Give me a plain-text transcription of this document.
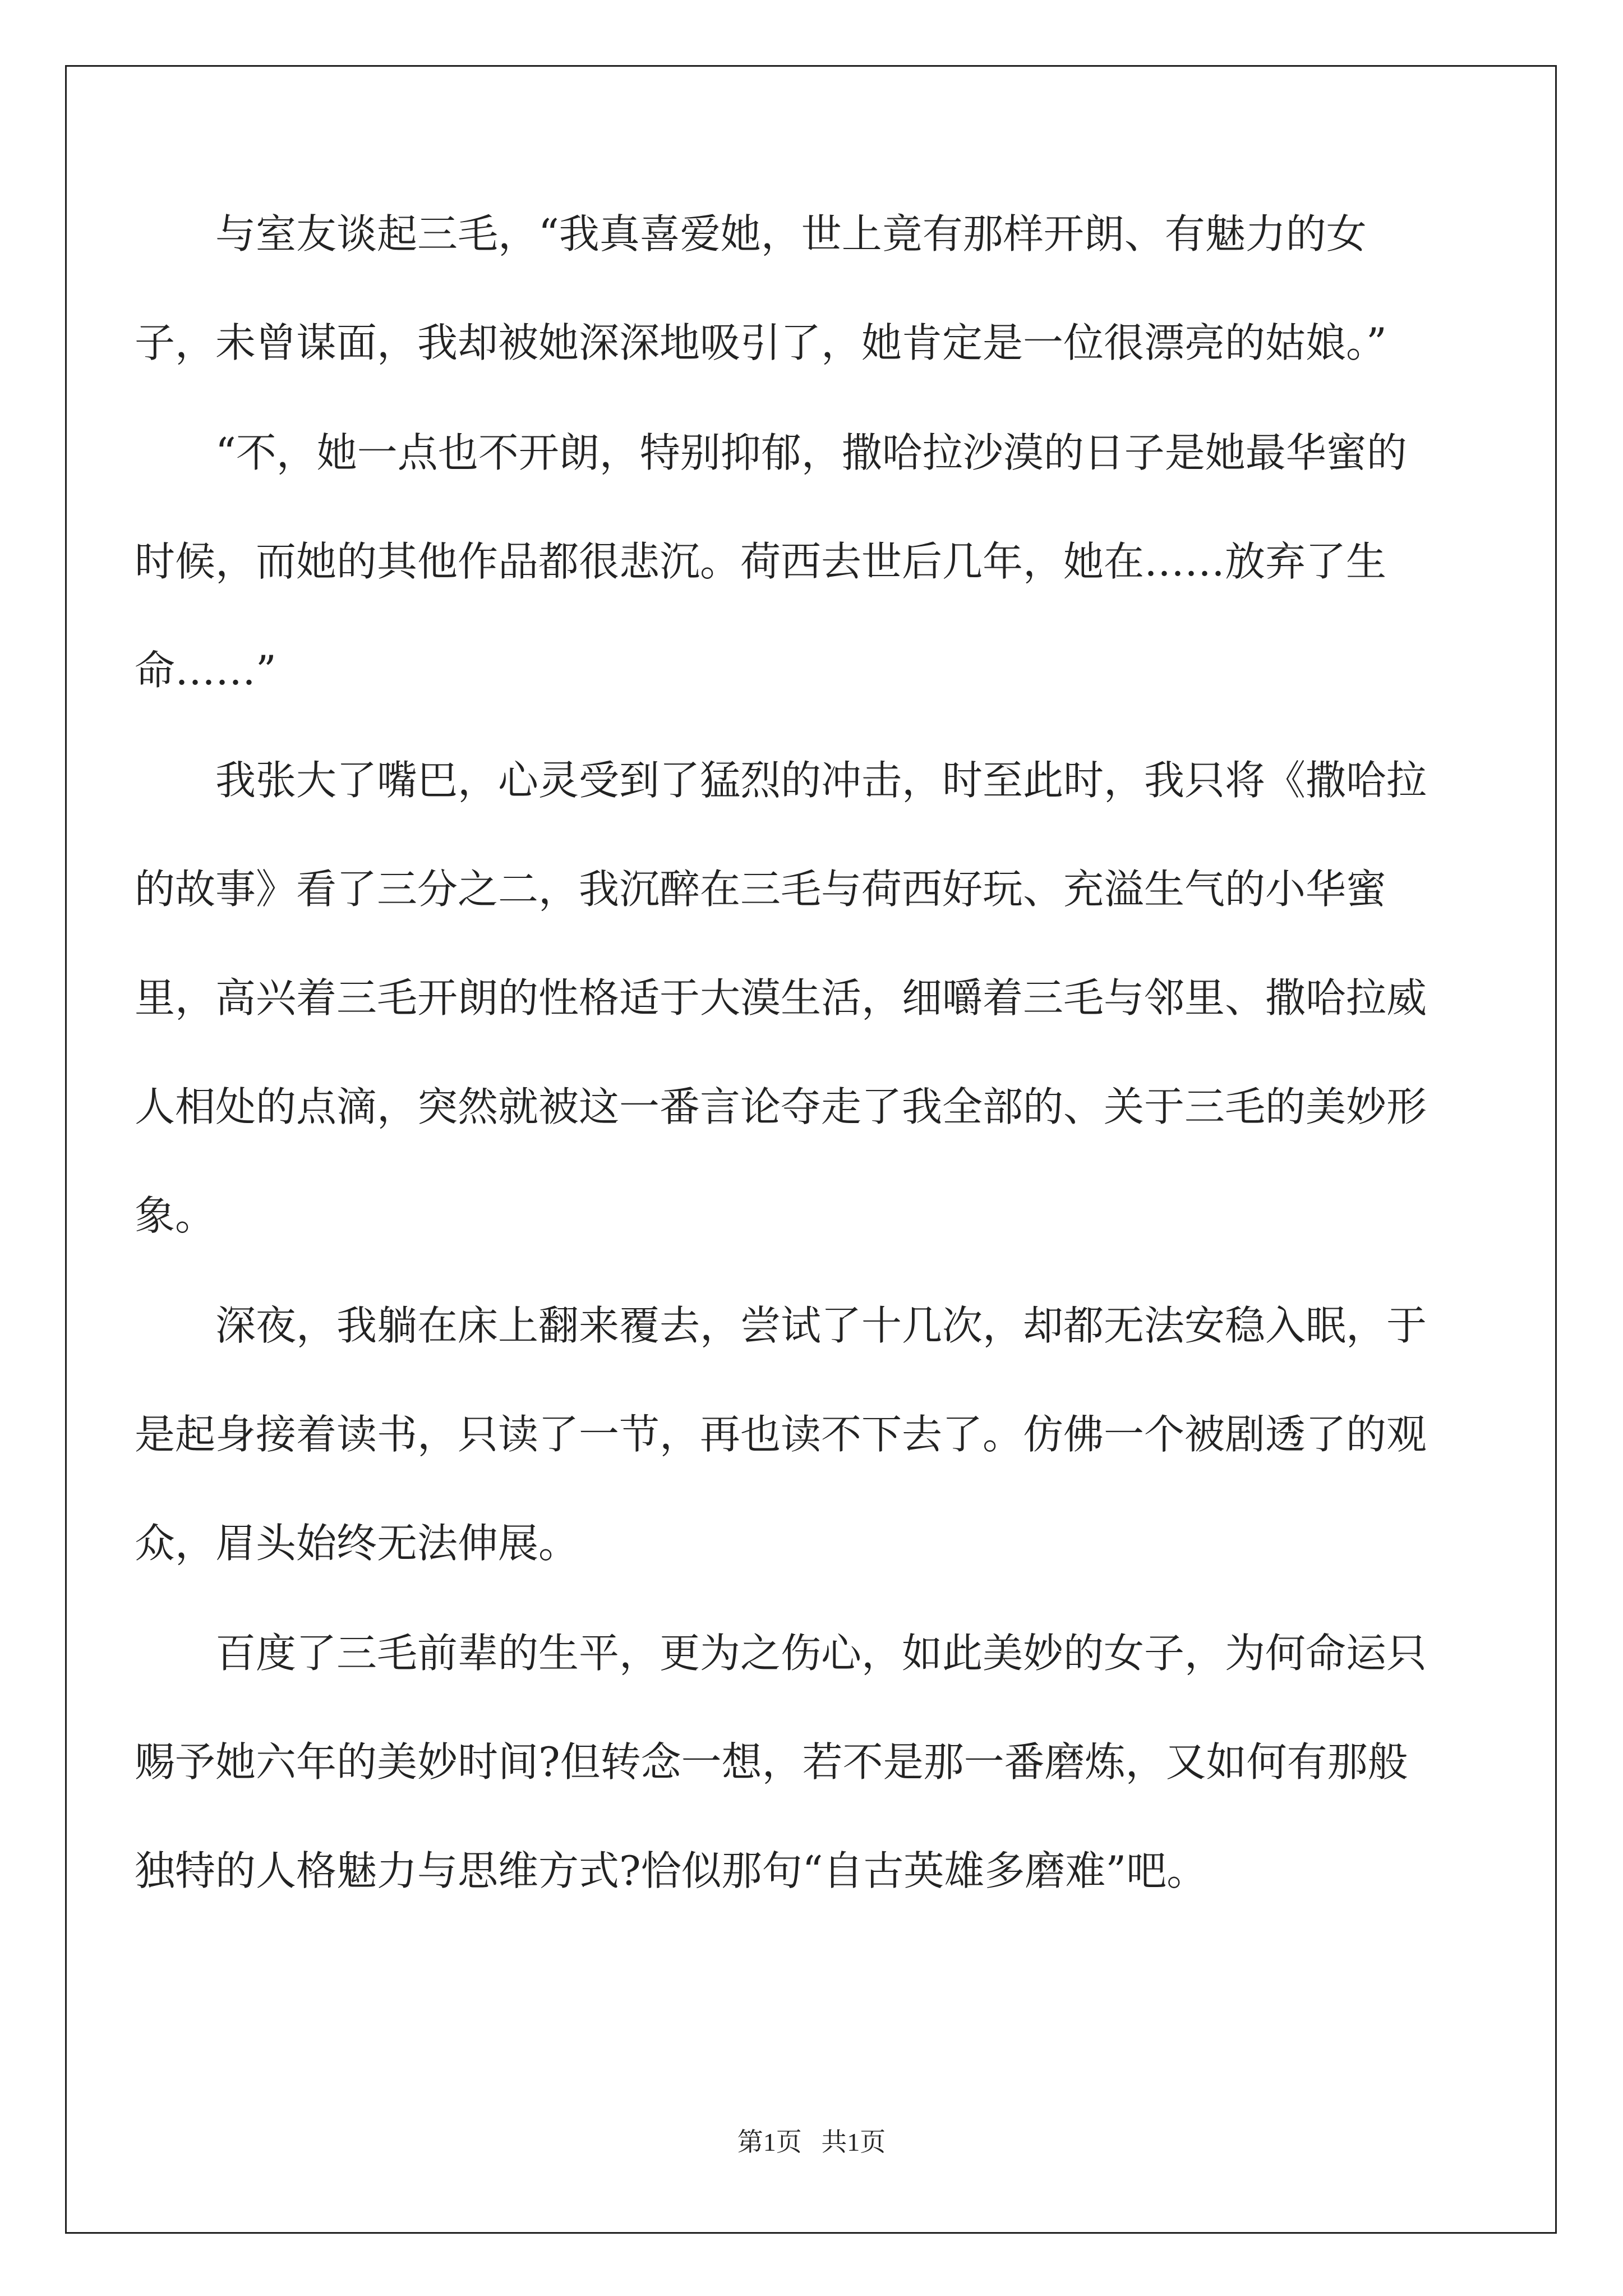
与室友谈起三毛，“我真喜爱她，世上竟有那样开朗、有魅力的女子，未曾谋面，我却被她深深地吸引了，她肯定是一位很漂亮的姑娘。”

“不，她一点也不开朗，特别抑郁，撒哈拉沙漠的日子是她最华蜜的时候，而她的其他作品都很悲沉。荷西去世后几年，她在……放弃了生命……”

我张大了嘴巴，心灵受到了猛烈的冲击，时至此时，我只将《撒哈拉的故事》看了三分之二，我沉醉在三毛与荷西好玩、充溢生气的小华蜜里，高兴着三毛开朗的性格适于大漠生活，细嚼着三毛与邻里、撒哈拉威人相处的点滴，突然就被这一番言论夺走了我全部的、关于三毛的美妙形象。

深夜，我躺在床上翻来覆去，尝试了十几次，却都无法安稳入眠，于是起身接着读书，只读了一节，再也读不下去了。仿佛一个被剧透了的观众，眉头始终无法伸展。

百度了三毛前辈的生平，更为之伤心，如此美妙的女子，为何命运只赐予她六年的美妙时间?但转念一想，若不是那一番磨炼，又如何有那般独特的人格魅力与思维方式?恰似那句“自古英雄多磨难”吧。

第1页 共1页
